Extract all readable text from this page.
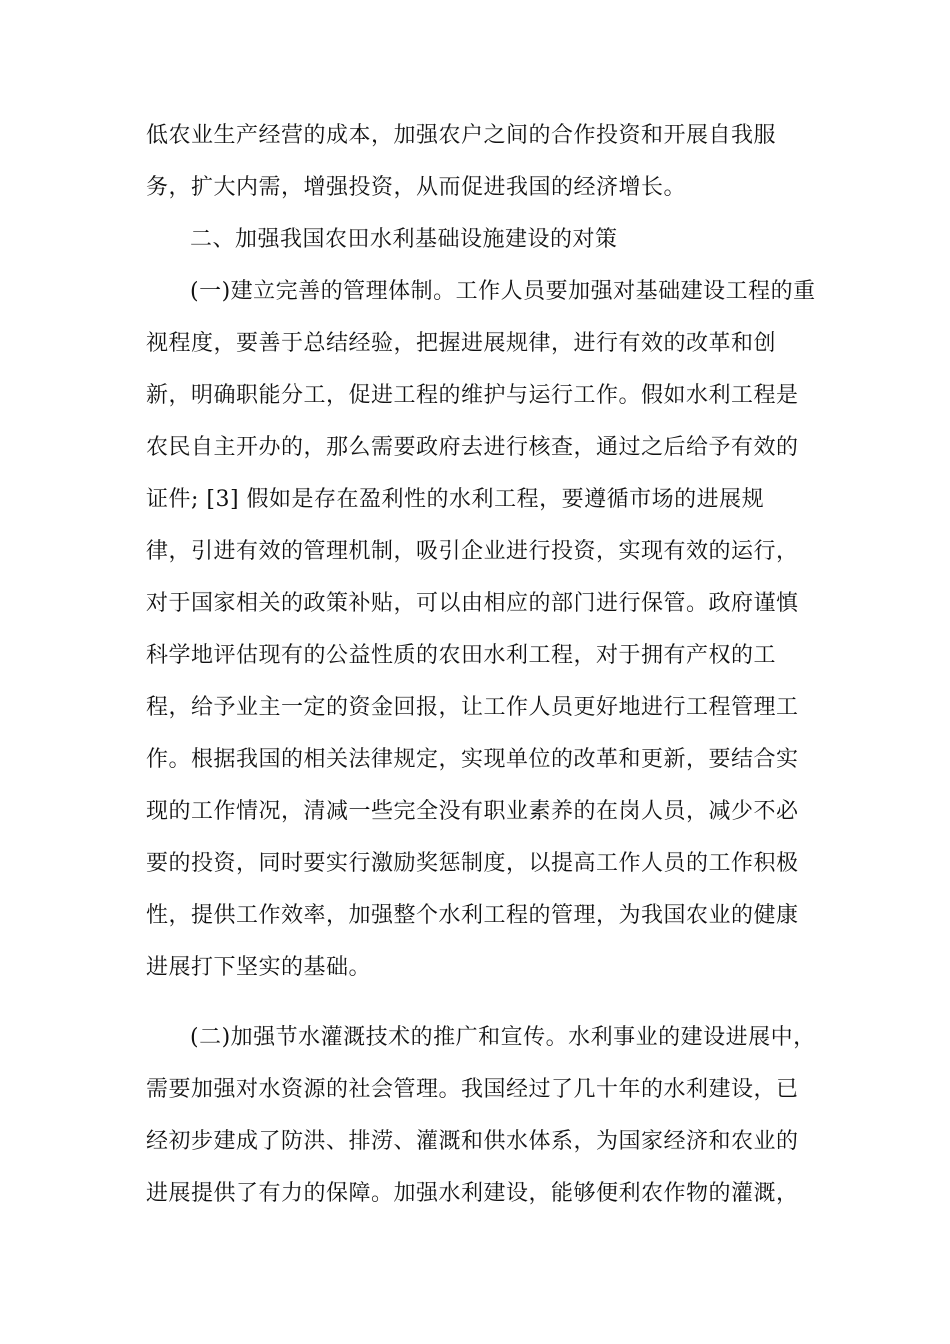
低农业生产经营的成本，加强农户之间的合作投资和开展自我服
务，扩大内需，增强投资，从而促进我国的经济增长。
二、加强我国农田水利基础设施建设的对策
(一)建立完善的管理体制。工作人员要加强对基础建设工程的重
视程度，要善于总结经验，把握进展规律，进行有效的改革和创
新，明确职能分工，促进工程的维护与运行工作。假如水利工程是
农民自主开办的，那么需要政府去进行核查，通过之后给予有效的
证件; [3] 假如是存在盈利性的水利工程，要遵循市场的进展规
律，引进有效的管理机制，吸引企业进行投资，实现有效的运行，
对于国家相关的政策补贴，可以由相应的部门进行保管。政府谨慎
科学地评估现有的公益性质的农田水利工程，对于拥有产权的工
程，给予业主一定的资金回报，让工作人员更好地进行工程管理工
作。根据我国的相关法律规定，实现单位的改革和更新，要结合实
现的工作情况，清减一些完全没有职业素养的在岗人员，减少不必
要的投资，同时要实行激励奖惩制度，以提高工作人员的工作积极
性，提供工作效率，加强整个水利工程的管理，为我国农业的健康
进展打下坚实的基础。
(二)加强节水灌溉技术的推广和宣传。水利事业的建设进展中，
需要加强对水资源的社会管理。我国经过了几十年的水利建设，已
经初步建成了防洪、排涝、灌溉和供水体系，为国家经济和农业的
进展提供了有力的保障。加强水利建设，能够便利农作物的灌溉，
